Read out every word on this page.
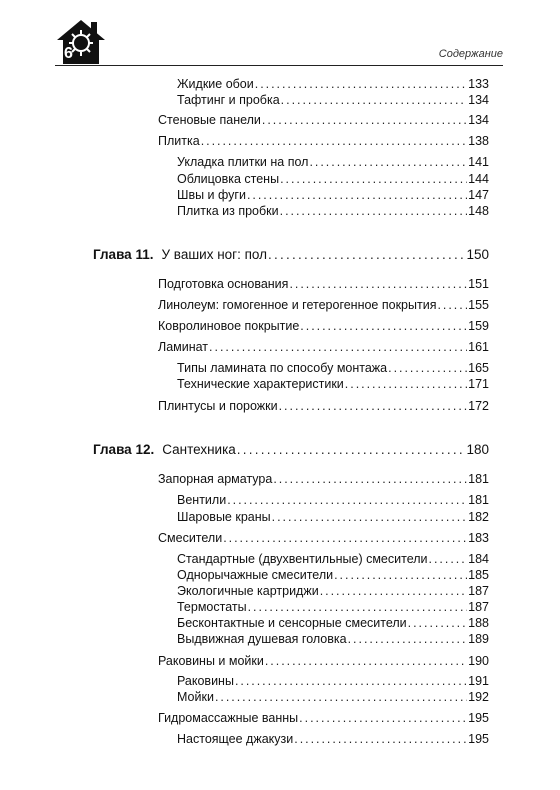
6	Содержание
Жидкие обои . . .	133
Тафтинг и пробка . . .	134
Стеновые панели . . .	134
Плитка . . .	138
Укладка плитки на пол . . .	141
Облицовка стены . . .	144
Швы и фуги . . .	147
Плитка из пробки . . .	148
Глава 11. У ваших ног: пол . . .	150
Подготовка основания . . .	151
Линолеум: гомогенное и гетерогенное покрытия . . .	155
Ковролиновое покрытие . . .	159
Ламинат . . .	161
Типы ламината по способу монтажа . . .	165
Технические характеристики . . .	171
Плинтусы и порожки . . .	172
Глава 12. Сантехника . . .	180
Запорная арматура . . .	181
Вентили . . .	181
Шаровые краны . . .	182
Смесители . . .	183
Стандартные (двухвентильные) смесители . . .	184
Однорычажные смесители . . .	185
Экологичные картриджи . . .	187
Термостаты . . .	187
Бесконтактные и сенсорные смесители . . .	188
Выдвижная душевая головка . . .	189
Раковины и мойки . . .	190
Раковины . . .	191
Мойки . . .	192
Гидромассажные ванны . . .	195
Настоящее джакузи . . .	195
